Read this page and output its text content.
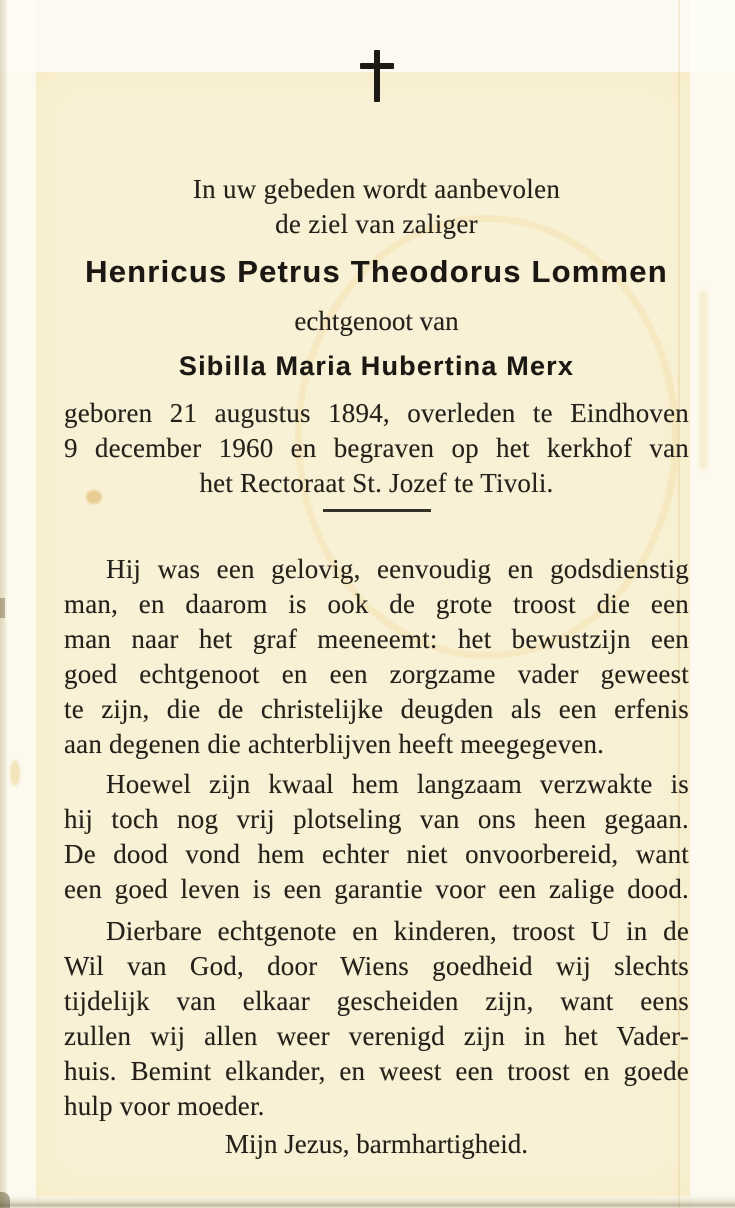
In uw gebeden wordt aanbevolen
de ziel van zaliger
Henricus Petrus Theodorus Lommen
echtgenoot van
Sibilla Maria Hubertina Merx
geboren 21 augustus 1894, overleden te Eindhoven
9 december 1960 en begraven op het kerkhof van
het Rectoraat St. Jozef te Tivoli.
Hij was een gelovig, eenvoudig en godsdienstig
man, en daarom is ook de grote troost die een
man naar het graf meeneemt: het bewustzijn een
goed echtgenoot en een zorgzame vader geweest
te zijn, die de christelijke deugden als een erfenis
aan degenen die achterblijven heeft meegegeven.
Hoewel zijn kwaal hem langzaam verzwakte is
hij toch nog vrij plotseling van ons heen gegaan.
De dood vond hem echter niet onvoorbereid, want
een goed leven is een garantie voor een zalige dood.
Dierbare echtgenote en kinderen, troost U in de
Wil van God, door Wiens goedheid wij slechts
tijdelijk van elkaar gescheiden zijn, want eens
zullen wij allen weer verenigd zijn in het Vader-
huis. Bemint elkander, en weest een troost en goede
hulp voor moeder.
Mijn Jezus, barmhartigheid.
